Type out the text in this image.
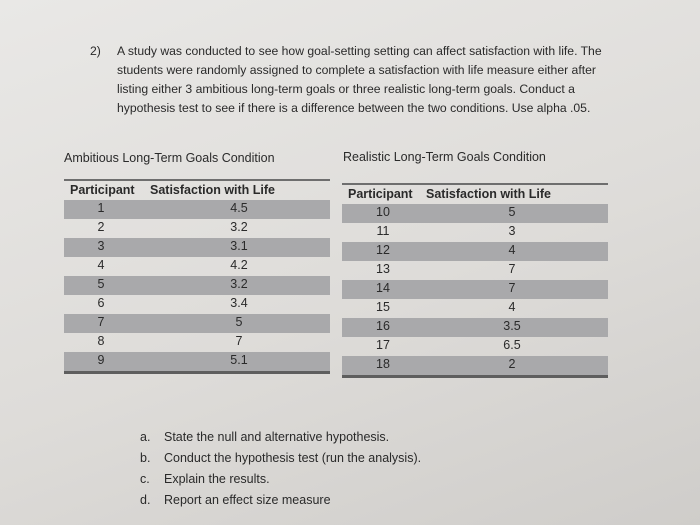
2) A study was conducted to see how goal-setting setting can affect satisfaction with life. The students were randomly assigned to complete a satisfaction with life measure either after listing either 3 ambitious long-term goals or three realistic long-term goals. Conduct a hypothesis test to see if there is a difference between the two conditions. Use alpha .05.
Ambitious Long-Term Goals Condition	Realistic Long-Term Goals Condition
Participant Satisfaction with Life
1	4.5
2	3.2
3	3.1
4	4.2
5	3.2
6	3.4
7	5
8	7
9	5.1
Participant Satisfaction with Life
10	5
11	3
12	4
13	7
14	7
15	4
16	3.5
17	6.5
18	2
a. State the null and alternative hypothesis.
b. Conduct the hypothesis test (run the analysis).
c. Explain the results.
d. Report an effect size measure
